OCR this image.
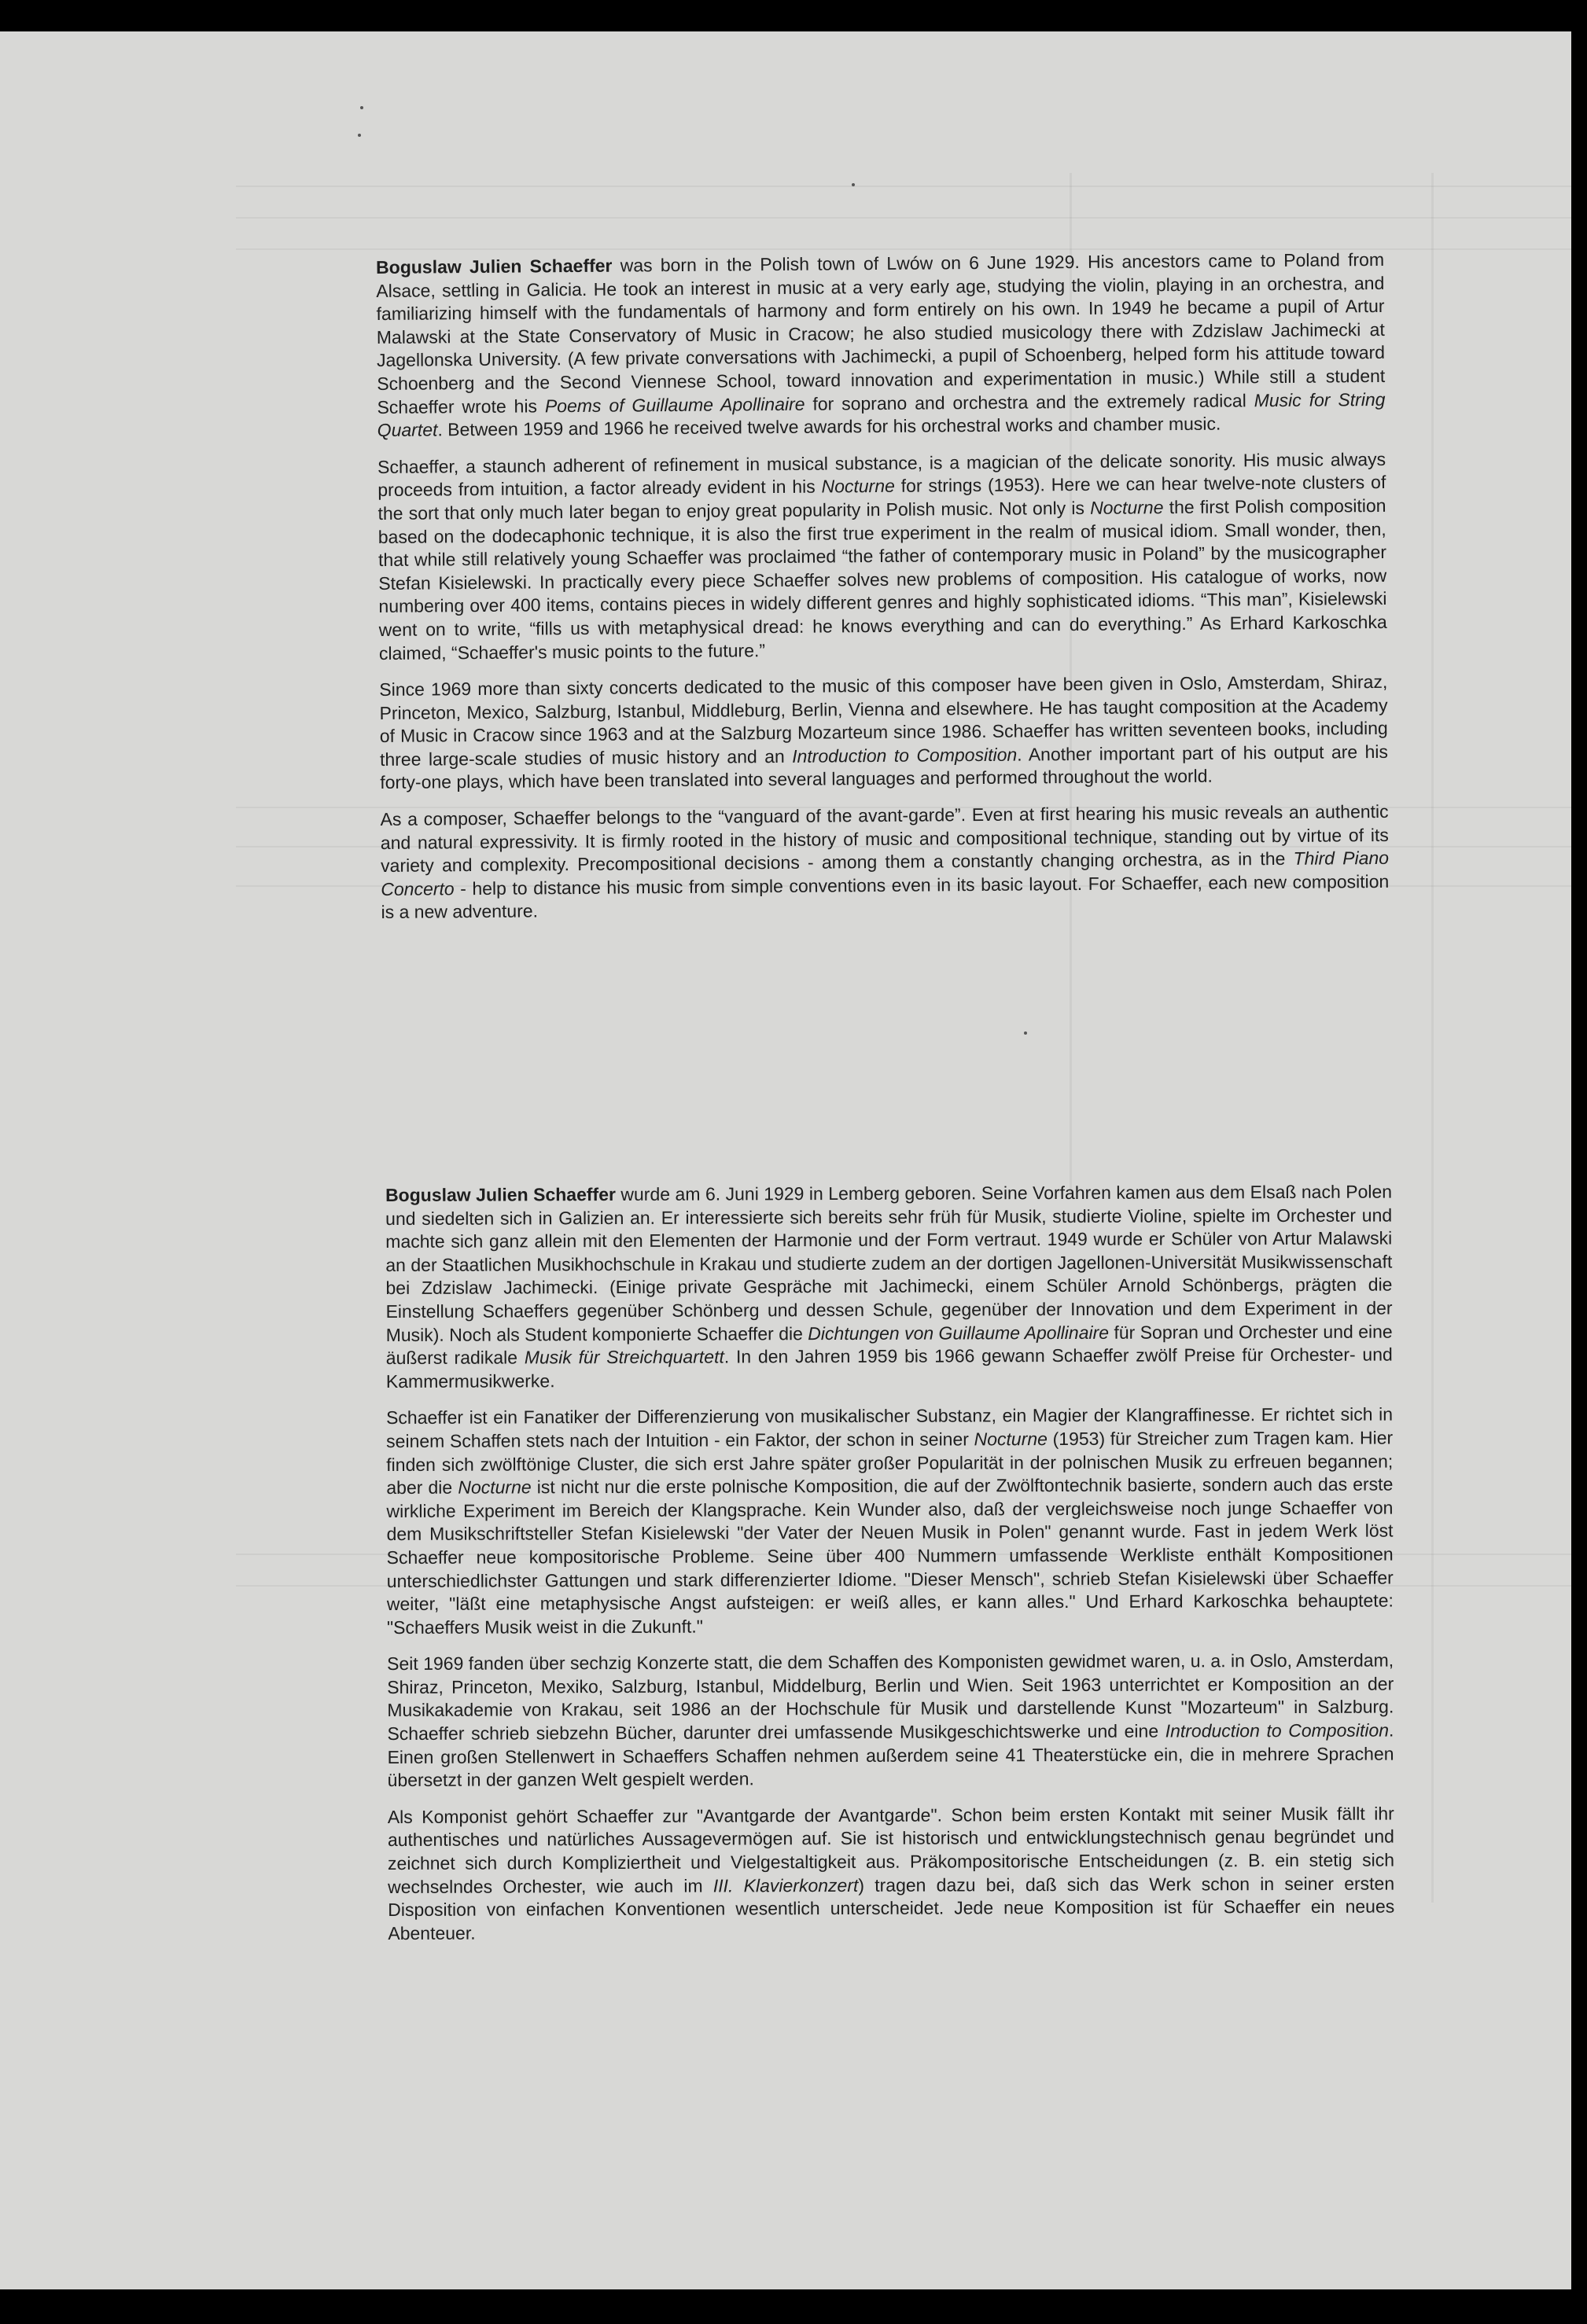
Boguslaw Julien Schaeffer was born in the Polish town of Lwów on 6 June 1929. His ancestors came to Poland from Alsace, settling in Galicia. He took an interest in music at a very early age, studying the violin, playing in an orchestra, and familiarizing himself with the fundamentals of harmony and form entirely on his own. In 1949 he became a pupil of Artur Malawski at the State Conservatory of Music in Cracow; he also studied musicology there with Zdzislaw Jachimecki at Jagellonska University. (A few private conversations with Jachimecki, a pupil of Schoenberg, helped form his attitude toward Schoenberg and the Second Viennese School, toward innovation and experimentation in music.) While still a student Schaeffer wrote his Poems of Guillaume Apollinaire for soprano and orchestra and the extremely radical Music for String Quartet. Between 1959 and 1966 he received twelve awards for his orchestral works and chamber music.

Schaeffer, a staunch adherent of refinement in musical substance, is a magician of the delicate sonority. His music always proceeds from intuition, a factor already evident in his Nocturne for strings (1953). Here we can hear twelve-note clusters of the sort that only much later began to enjoy great popularity in Polish music. Not only is Nocturne the first Polish composition based on the dodecaphonic technique, it is also the first true experiment in the realm of musical idiom. Small wonder, then, that while still relatively young Schaeffer was proclaimed “the father of contemporary music in Poland” by the musicographer Stefan Kisielewski. In practically every piece Schaeffer solves new problems of composition. His catalogue of works, now numbering over 400 items, contains pieces in widely different genres and highly sophisticated idioms. “This man”, Kisielewski went on to write, “fills us with metaphysical dread: he knows everything and can do everything.” As Erhard Karkoschka claimed, “Schaeffer's music points to the future.”

Since 1969 more than sixty concerts dedicated to the music of this composer have been given in Oslo, Amsterdam, Shiraz, Princeton, Mexico, Salzburg, Istanbul, Middleburg, Berlin, Vienna and elsewhere. He has taught composition at the Academy of Music in Cracow since 1963 and at the Salzburg Mozarteum since 1986. Schaeffer has written seventeen books, including three large-scale studies of music history and an Introduction to Composition. Another important part of his output are his forty-one plays, which have been translated into several languages and performed throughout the world.

As a composer, Schaeffer belongs to the “vanguard of the avant-garde”. Even at first hearing his music reveals an authentic and natural expressivity. It is firmly rooted in the history of music and compositional technique, standing out by virtue of its variety and complexity. Precompositional decisions - among them a constantly changing orchestra, as in the Third Piano Concerto - help to distance his music from simple conventions even in its basic layout. For Schaeffer, each new composition is a new adventure.

Boguslaw Julien Schaeffer wurde am 6. Juni 1929 in Lemberg geboren. Seine Vorfahren kamen aus dem Elsaß nach Polen und siedelten sich in Galizien an. Er interessierte sich bereits sehr früh für Musik, studierte Violine, spielte im Orchester und machte sich ganz allein mit den Elementen der Harmonie und der Form vertraut. 1949 wurde er Schüler von Artur Malawski an der Staatlichen Musikhochschule in Krakau und studierte zudem an der dortigen Jagellonen-Universität Musikwissenschaft bei Zdzislaw Jachimecki. (Einige private Gespräche mit Jachimecki, einem Schüler Arnold Schönbergs, prägten die Einstellung Schaeffers gegenüber Schönberg und dessen Schule, gegenüber der Innovation und dem Experiment in der Musik). Noch als Student komponierte Schaeffer die Dichtungen von Guillaume Apollinaire für Sopran und Orchester und eine äußerst radikale Musik für Streichquartett. In den Jahren 1959 bis 1966 gewann Schaeffer zwölf Preise für Orchester- und Kammermusikwerke.

Schaeffer ist ein Fanatiker der Differenzierung von musikalischer Substanz, ein Magier der Klangraffinesse. Er richtet sich in seinem Schaffen stets nach der Intuition - ein Faktor, der schon in seiner Nocturne (1953) für Streicher zum Tragen kam. Hier finden sich zwölftönige Cluster, die sich erst Jahre später großer Popularität in der polnischen Musik zu erfreuen begannen; aber die Nocturne ist nicht nur die erste polnische Komposition, die auf der Zwölftontechnik basierte, sondern auch das erste wirkliche Experiment im Bereich der Klangsprache. Kein Wunder also, daß der vergleichsweise noch junge Schaeffer von dem Musikschriftsteller Stefan Kisielewski "der Vater der Neuen Musik in Polen" genannt wurde. Fast in jedem Werk löst Schaeffer neue kompositorische Probleme. Seine über 400 Nummern umfassende Werkliste enthält Kompositionen unterschiedlichster Gattungen und stark differenzierter Idiome. "Dieser Mensch", schrieb Stefan Kisielewski über Schaeffer weiter, "läßt eine metaphysische Angst aufsteigen: er weiß alles, er kann alles." Und Erhard Karkoschka behauptete: "Schaeffers Musik weist in die Zukunft."

Seit 1969 fanden über sechzig Konzerte statt, die dem Schaffen des Komponisten gewidmet waren, u. a. in Oslo, Amsterdam, Shiraz, Princeton, Mexiko, Salzburg, Istanbul, Middelburg, Berlin und Wien. Seit 1963 unterrichtet er Komposition an der Musikakademie von Krakau, seit 1986 an der Hochschule für Musik und darstellende Kunst "Mozarteum" in Salzburg. Schaeffer schrieb siebzehn Bücher, darunter drei umfassende Musikgeschichtswerke und eine Introduction to Composition. Einen großen Stellenwert in Schaeffers Schaffen nehmen außerdem seine 41 Theaterstücke ein, die in mehrere Sprachen übersetzt in der ganzen Welt gespielt werden.

Als Komponist gehört Schaeffer zur "Avantgarde der Avantgarde". Schon beim ersten Kontakt mit seiner Musik fällt ihr authentisches und natürliches Aussagevermögen auf. Sie ist historisch und entwicklungstechnisch genau begründet und zeichnet sich durch Kompliziertheit und Vielgestaltigkeit aus. Präkompositorische Entscheidungen (z. B. ein stetig sich wechselndes Orchester, wie auch im III. Klavierkonzert) tragen dazu bei, daß sich das Werk schon in seiner ersten Disposition von einfachen Konventionen wesentlich unterscheidet. Jede neue Komposition ist für Schaeffer ein neues Abenteuer.
